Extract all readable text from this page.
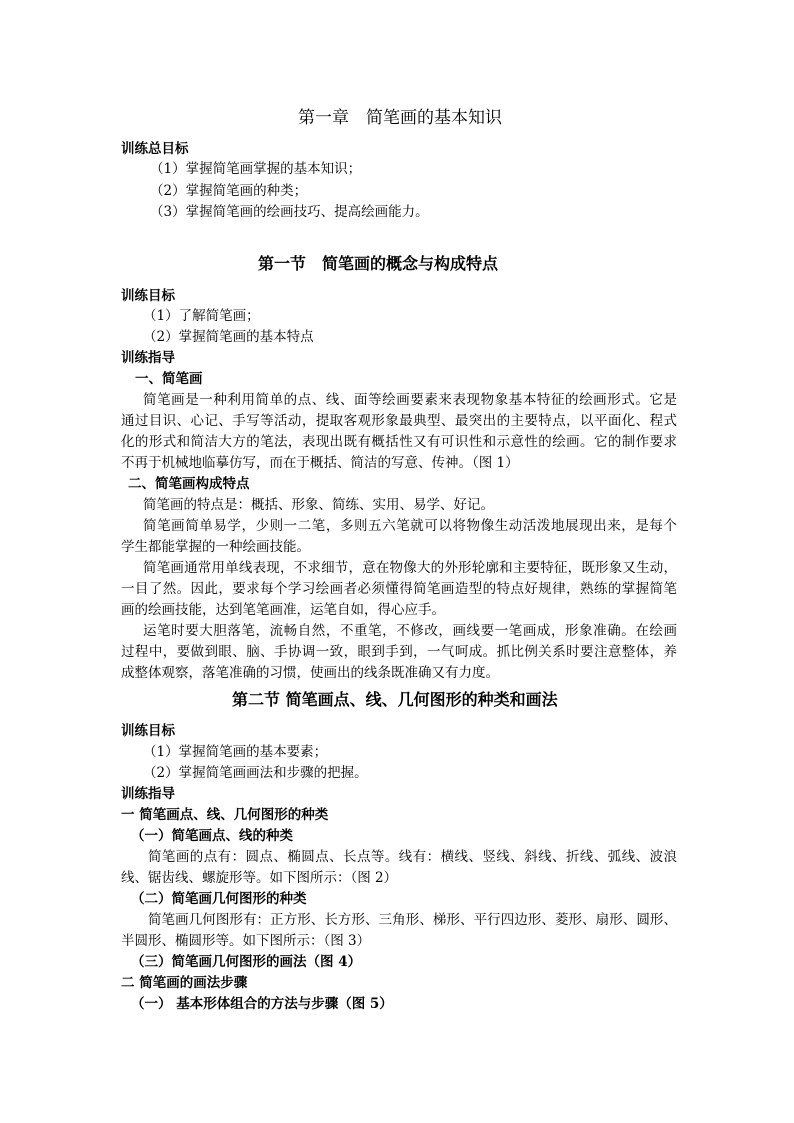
第一章　简笔画的基本知识
训练总目标
（1）掌握简笔画掌握的基本知识；
（2）掌握简笔画的种类；
（3）掌握简笔画的绘画技巧、提高绘画能力。
第一节　简笔画的概念与构成特点
训练目标
（1）了解简笔画；
（2）掌握简笔画的基本特点
训练指导
一、简笔画
简笔画是一种利用简单的点、线、面等绘画要素来表现物象基本特征的绘画形式。它是
通过目识、心记、手写等活动，提取客观形象最典型、最突出的主要特点，以平面化、程式
化的形式和简洁大方的笔法，表现出既有概括性又有可识性和示意性的绘画。它的制作要求
不再于机械地临摹仿写，而在于概括、简洁的写意、传神。（图 1）
二、简笔画构成特点
简笔画的特点是：概括、形象、简练、实用、易学、好记。
简笔画简单易学，少则一二笔，多则五六笔就可以将物像生动活泼地展现出来，是每个
学生都能掌握的一种绘画技能。
简笔画通常用单线表现，不求细节，意在物像大的外形轮廓和主要特征，既形象又生动，
一目了然。因此，要求每个学习绘画者必须懂得简笔画造型的特点好规律，熟练的掌握简笔
画的绘画技能，达到笔笔画准，运笔自如，得心应手。
运笔时要大胆落笔，流畅自然，不重笔，不修改，画线要一笔画成，形象准确。在绘画
过程中，要做到眼、脑、手协调一致，眼到手到，一气呵成。抓比例关系时要注意整体，养
成整体观察，落笔准确的习惯，使画出的线条既准确又有力度。
第二节 简笔画点、线、几何图形的种类和画法
训练目标
（1）掌握简笔画的基本要素；
（2）掌握简笔画画法和步骤的把握。
训练指导
一 简笔画点、线、几何图形的种类
（一）简笔画点、线的种类
简笔画的点有：圆点、椭圆点、长点等。线有：横线、竖线、斜线、折线、弧线、波浪
线、锯齿线、螺旋形等。如下图所示：（图 2）
（二）简笔画几何图形的种类
简笔画几何图形有：正方形、长方形、三角形、梯形、平行四边形、菱形、扇形、圆形、
半圆形、椭圆形等。如下图所示：（图 3）
（三）简笔画几何图形的画法（图 4）
二 简笔画的画法步骤
（一） 基本形体组合的方法与步骤（图 5）
